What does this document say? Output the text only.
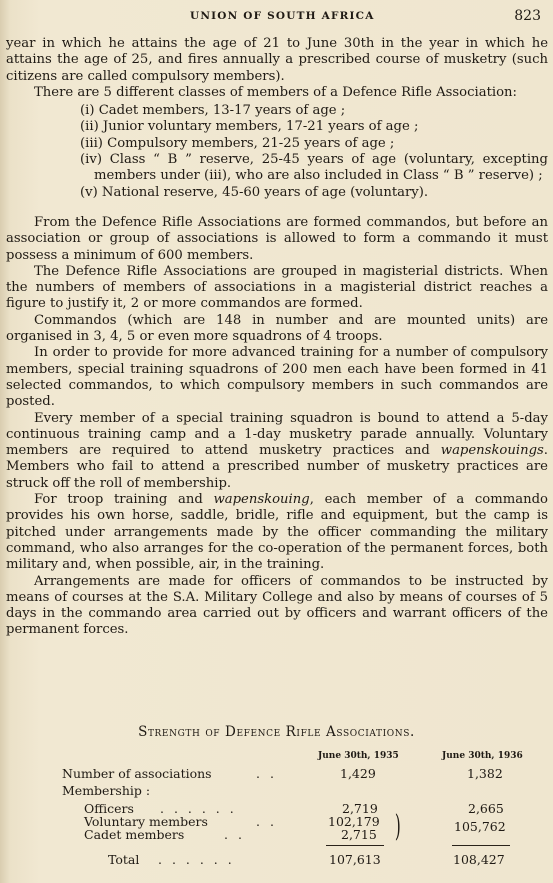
UNION OF SOUTH AFRICA	823

year in which he attains the age of 21 to June 30th in the year in which he attains the age of 25, and fires annually a prescribed course of musketry (such citizens are called compulsory members).

There are 5 different classes of members of a Defence Rifle Association:

(i) Cadet members, 13-17 years of age ;
(ii) Junior voluntary members, 17-21 years of age ;
(iii) Compulsory members, 21-25 years of age ;
(iv) Class “ B ” reserve, 25-45 years of age (voluntary, excepting members under (iii), who are also included in Class “ B ” reserve) ;
(v) National reserve, 45-60 years of age (voluntary).

From the Defence Rifle Associations are formed commandos, but before an association or group of associations is allowed to form a commando it must possess a minimum of 600 members.

The Defence Rifle Associations are grouped in magisterial districts. When the numbers of members of associations in a magisterial district reaches a figure to justify it, 2 or more commandos are formed.

Commandos (which are 148 in number and are mounted units) are organised in 3, 4, 5 or even more squadrons of 4 troops.

In order to provide for more advanced training for a number of compulsory members, special training squadrons of 200 men each have been formed in 41 selected commandos, to which compulsory members in such commandos are posted.

Every member of a special training squadron is bound to attend a 5-day continuous training camp and a 1-day musketry parade annually. Voluntary members are required to attend musketry practices and wapenskouings. Members who fail to attend a prescribed number of musketry practices are struck off the roll of membership.

For troop training and wapenskouing, each member of a commando provides his own horse, saddle, bridle, rifle and equipment, but the camp is pitched under arrangements made by the officer commanding the military command, who also arranges for the co-operation of the permanent forces, both military and, when possible, air, in the training.

Arrangements are made for officers of commandos to be instructed by means of courses at the S.A. Military College and also by means of courses of 5 days in the commando area carried out by officers and warrant officers of the permanent forces.

Strength of Defence Rifle Associations.
June 30th, 1935	June 30th, 1936
Number of associations	. .	1,429	1,382
Membership :
Officers . . . . . .	2,719	2,665
Voluntary members	. .	102,179
Cadet members	. .	2,715 )	105,762
Total . . . . . .	107,613	108,427
